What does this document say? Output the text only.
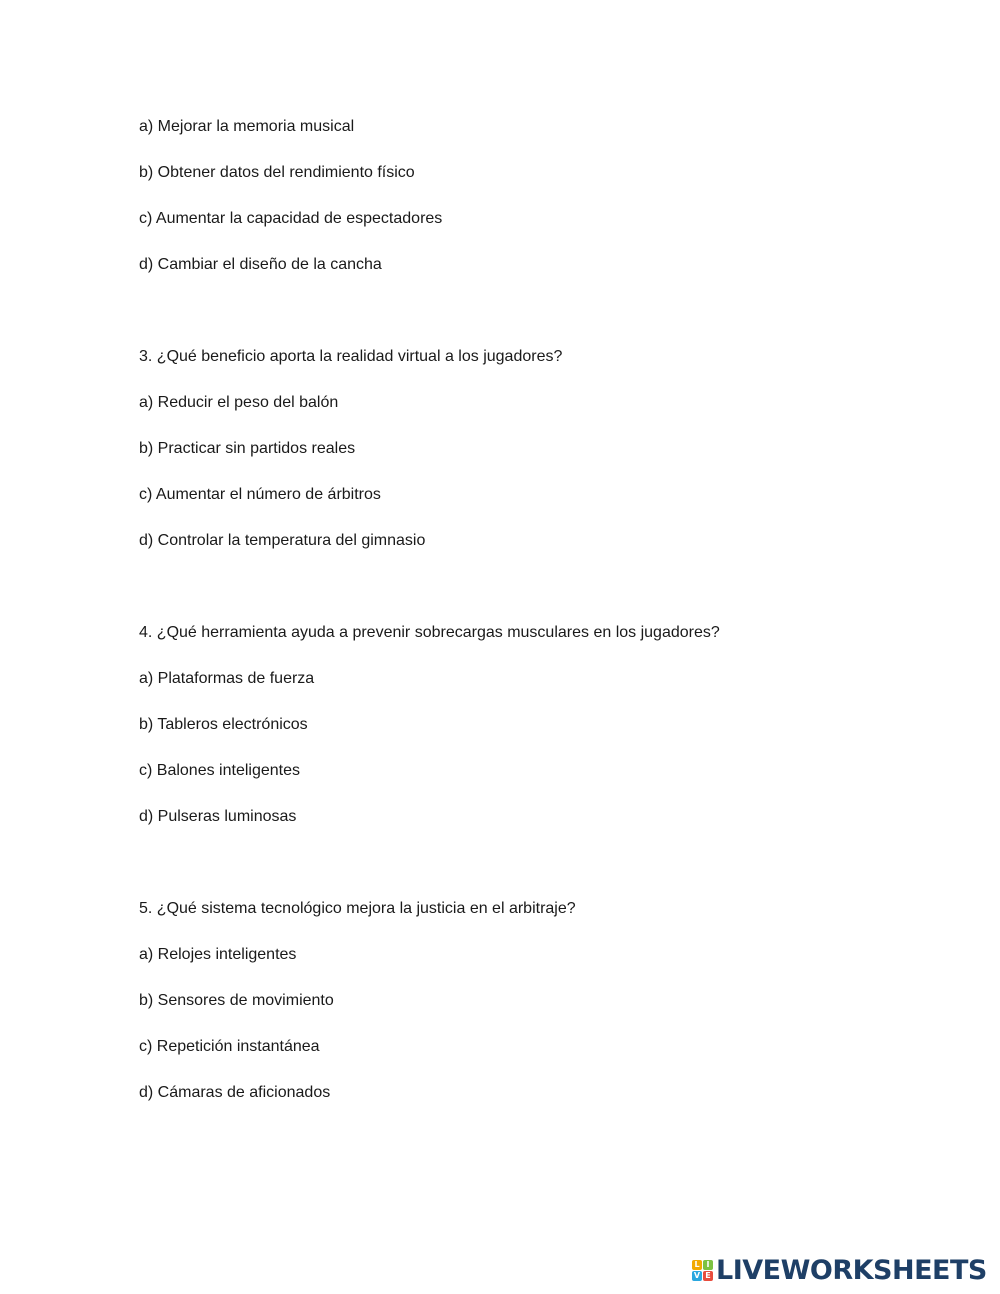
a) Mejorar la memoria musical
b) Obtener datos del rendimiento físico
c) Aumentar la capacidad de espectadores
d) Cambiar el diseño de la cancha
3. ¿Qué beneficio aporta la realidad virtual a los jugadores?
a) Reducir el peso del balón
b) Practicar sin partidos reales
c) Aumentar el número de árbitros
d) Controlar la temperatura del gimnasio
4. ¿Qué herramienta ayuda a prevenir sobrecargas musculares en los jugadores?
a) Plataformas de fuerza
b) Tableros electrónicos
c) Balones inteligentes
d) Pulseras luminosas
5. ¿Qué sistema tecnológico mejora la justicia en el arbitraje?
a) Relojes inteligentes
b) Sensores de movimiento
c) Repetición instantánea
d) Cámaras de aficionados
L I
V E LIVEWORKSHEETS
